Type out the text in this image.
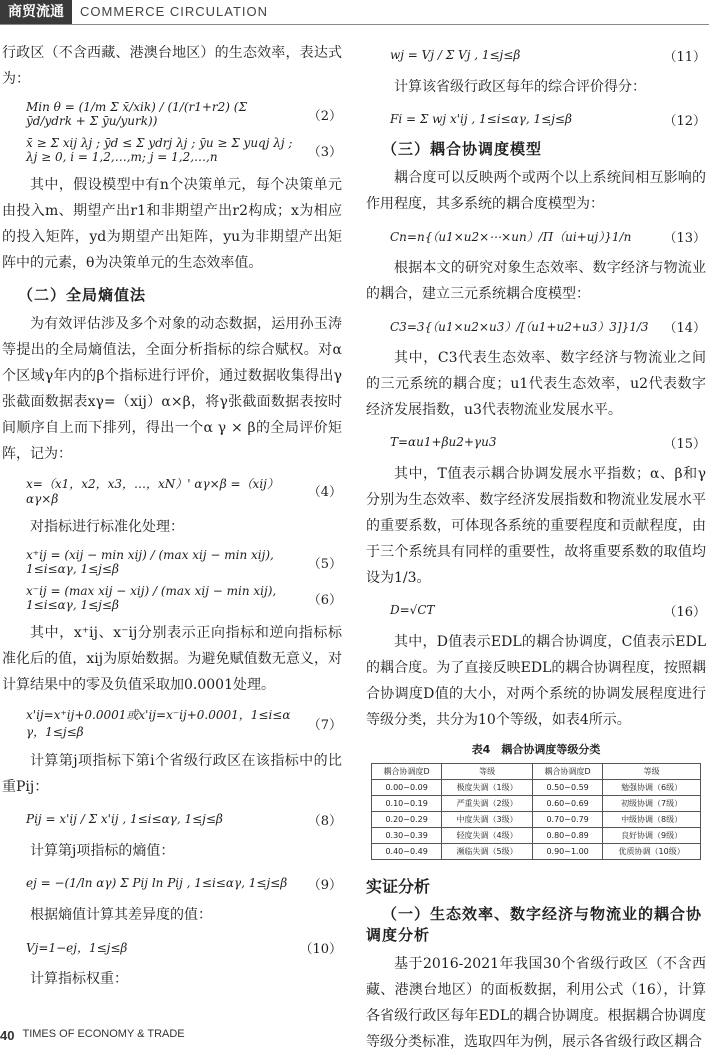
商贸流通	COMMERCE CIRCULATION

行政区（不含西藏、港澳台地区）的生态效率，表达式为：

Min θ = (1/m Σ x̄/xik) / (1/(r1+r2) (Σ ȳd/ydrk + Σ ȳu/yurk))	（2）
x̄ ≥ Σ xij λj ; ȳd ≤ Σ ydrj λj ; ȳu ≥ Σ yuqj λj ; λj ≥ 0, i = 1,2,…,m; j = 1,2,…,n	（3）

其中，假设模型中有n个决策单元，每个决策单元由投入m、期望产出r1和非期望产出r2构成；x为相应的投入矩阵，yd为期望产出矩阵，yu为非期望产出矩阵中的元素，θ为决策单元的生态效率值。

（二）全局熵值法

为有效评估涉及多个对象的动态数据，运用孙玉涛等提出的全局熵值法，全面分析指标的综合赋权。对α个区域γ年内的β个指标进行评价，通过数据收集得出γ张截面数据表xγ=（xij）α×β，将γ张截面数据表按时间顺序自上而下排列，得出一个α γ × β的全局评价矩阵，记为：

x=（x1，x2，x3，…，xN）' αγ×β =（xij）αγ×β	（4）

对指标进行标准化处理：

x⁺ij = (xij − min xij) / (max xij − min xij), 1≤i≤αγ, 1≤j≤β	（5）
x⁻ij = (max xij − xij) / (max xij − min xij), 1≤i≤αγ, 1≤j≤β	（6）

其中，x⁺ij、x⁻ij分别表示正向指标和逆向指标标准化后的值，xij为原始数据。为避免赋值数无意义，对计算结果中的零及负值采取加0.0001处理。

x'ij=x⁺ij+0.0001或x'ij=x⁻ij+0.0001，1≤i≤α γ，1≤j≤β	（7）

计算第j项指标下第i个省级行政区在该指标中的比重Pij：

Pij = x'ij / Σ x'ij , 1≤i≤αγ, 1≤j≤β	（8）

计算第j项指标的熵值：

ej = −(1/ln αγ) Σ Pij ln Pij , 1≤i≤αγ, 1≤j≤β	（9）

根据熵值计算其差异度的值：

Vj=1−ej，1≤j≤β	（10）

计算指标权重：

wj = Vj / Σ Vj , 1≤j≤β	（11）

计算该省级行政区每年的综合评价得分：

Fi = Σ wj x'ij , 1≤i≤αγ, 1≤j≤β	（12）
（三）耦合协调度模型

耦合度可以反映两个或两个以上系统间相互影响的作用程度，其多系统的耦合度模型为：

Cn=n{（u1×u2×⋯×un）/Π（ui+uj）}1/n	（13）

根据本文的研究对象生态效率、数字经济与物流业的耦合，建立三元系统耦合度模型：

C3=3{（u1×u2×u3）/[（u1+u2+u3）3]}1/3	（14）

其中，C3代表生态效率、数字经济与物流业之间的三元系统的耦合度；u1代表生态效率，u2代表数字经济发展指数，u3代表物流业发展水平。

T=αu1+βu2+γu3	（15）

其中，T值表示耦合协调发展水平指数；α、β和γ分别为生态效率、数字经济发展指数和物流业发展水平的重要系数，可体现各系统的重要程度和贡献程度，由于三个系统具有同样的重要性，故将重要系数的取值均设为1/3。

D=√CT	（16）

其中，D值表示EDL的耦合协调度，C值表示EDL的耦合度。为了直接反映EDL的耦合协调程度，按照耦合协调度D值的大小，对两个系统的协调发展程度进行等级分类，共分为10个等级，如表4所示。

表4　耦合协调度等级分类
耦合协调度D	等级	耦合协调度D	等级
0.00~0.09	极度失调（1级）	0.50~0.59	勉强协调（6级）
0.10~0.19	严重失调（2级）	0.60~0.69	初级协调（7级）
0.20~0.29	中度失调（3级）	0.70~0.79	中级协调（8级）
0.30~0.39	轻度失调（4级）	0.80~0.89	良好协调（9级）
0.40~0.49	濒临失调（5级）	0.90~1.00	优质协调（10级）
实证分析
（一）生态效率、数字经济与物流业的耦合协调度分析

基于2016-2021年我国30个省级行政区（不含西藏、港澳台地区）的面板数据，利用公式（16），计算各省级行政区每年EDL的耦合协调度。根据耦合协调度等级分类标准，选取四年为例，展示各省级行政区耦合

40 TIMES OF ECONOMY & TRADE
